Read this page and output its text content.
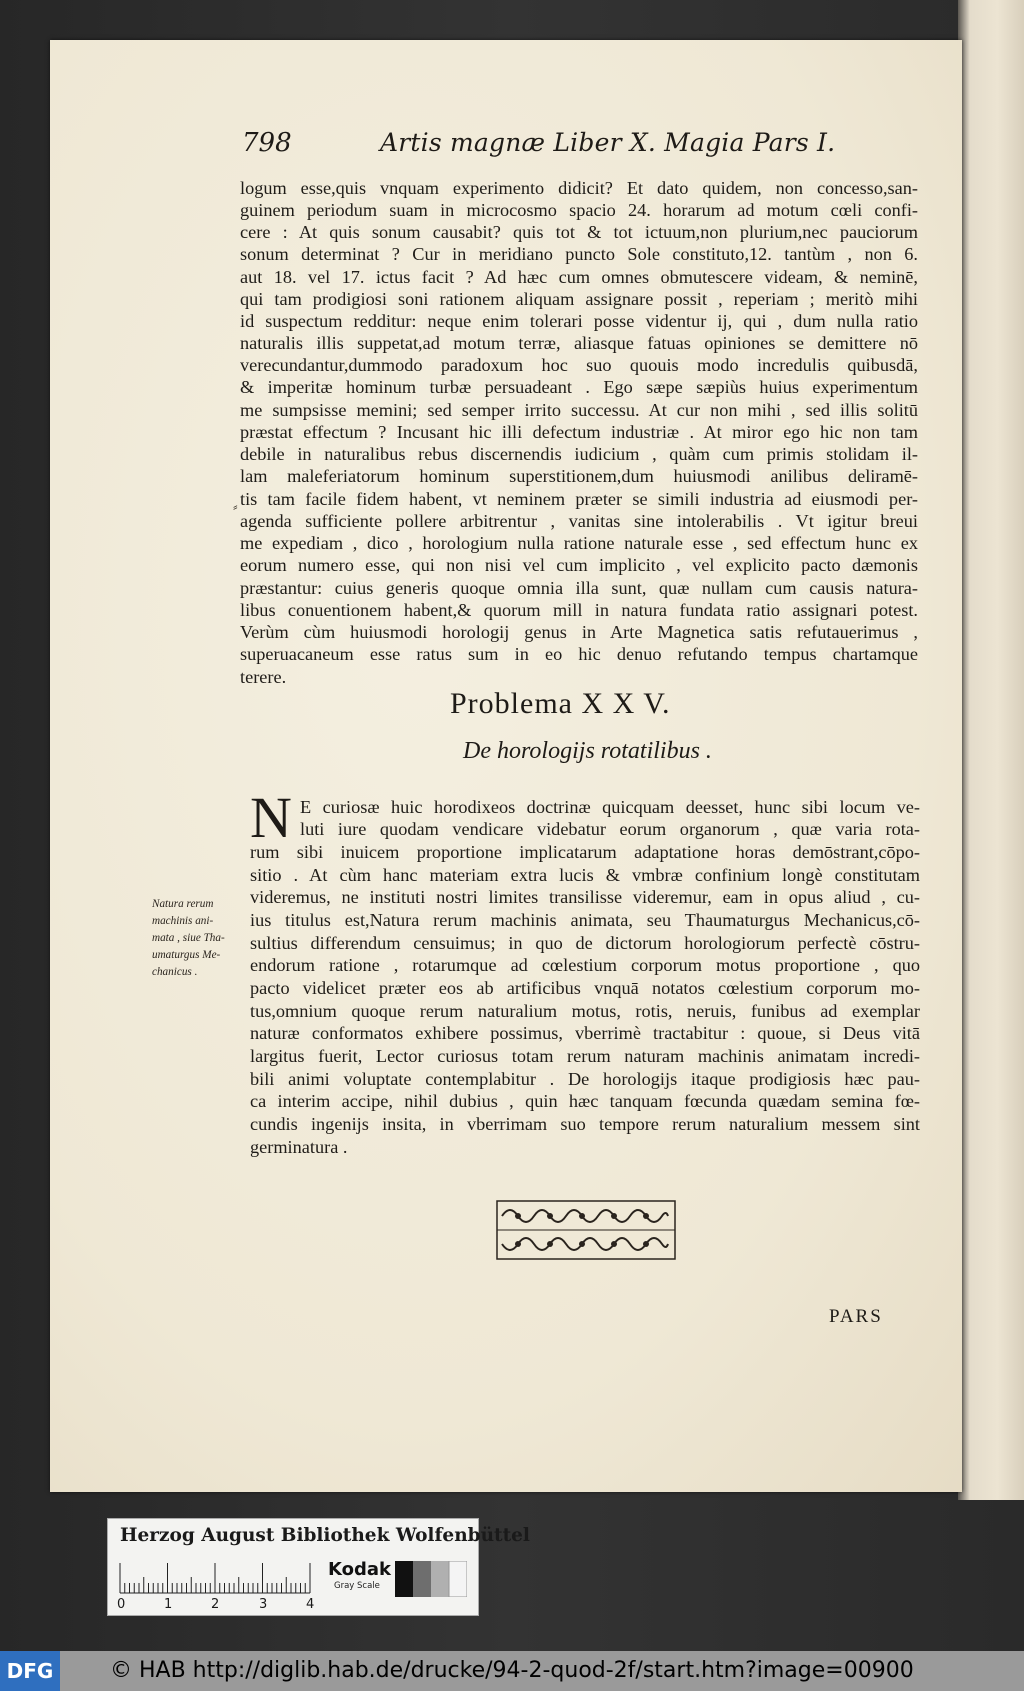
798	Artis magnæ Liber X. Magia Pars I.
logum esse,quis vnquam experimento didicit? Et dato quidem, non concesso,san-
guinem periodum suam in microcosmo spacio 24. horarum ad motum cœli confi-
cere : At quis sonum causabit? quis tot & tot ictuum,non plurium,nec pauciorum
sonum determinat ? Cur in meridiano puncto Sole constituto,12. tantùm , non 6.
aut 18. vel 17. ictus facit ? Ad hæc cum omnes obmutescere videam, & neminē,
qui tam prodigiosi soni rationem aliquam assignare possit , reperiam ; meritò mihi
id suspectum redditur: neque enim tolerari posse videntur ij, qui , dum nulla ratio
naturalis illis suppetat,ad motum terræ, aliasque fatuas opiniones se demittere nō
verecundantur,dummodo paradoxum hoc suo quouis modo incredulis quibusdā,
& imperitæ hominum turbæ persuadeant . Ego sæpe sæpiùs huius experimentum
me sumpsisse memini; sed semper irrito successu. At cur non mihi , sed illis solitū
præstat effectum ? Incusant hic illi defectum industriæ . At miror ego hic non tam
debile in naturalibus rebus discernendis iudicium , quàm cum primis stolidam il-
lam maleferiatorum hominum superstitionem,dum huiusmodi anilibus deliramē-
tis tam facile fidem habent, vt neminem præter se simili industria ad eiusmodi per-
agenda sufficiente pollere arbitrentur , vanitas sine intolerabilis . Vt igitur breui
me expediam , dico , horologium nulla ratione naturale esse , sed effectum hunc ex
eorum numero esse, qui non nisi vel cum implicito , vel explicito pacto dæmonis
præstantur: cuius generis quoque omnia illa sunt, quæ nullam cum causis natura-
libus conuentionem habent,& quorum mill in natura fundata ratio assignari potest.
Verùm cùm huiusmodi horologij genus in Arte Magnetica satis refutauerimus ,
superuacaneum esse ratus sum in eo hic denuo refutando tempus chartamque
terere.
⸗
Problema X X V.
De horologijs rotatilibus .
N E curiosæ huic horodixeos doctrinæ quicquam deesset, hunc sibi locum ve-
luti iure quodam vendicare videbatur eorum organorum , quæ varia rota-
rum sibi inuicem proportione implicatarum adaptatione horas demōstrant,cōpo-
sitio . At cùm hanc materiam extra lucis & vmbræ confinium longè constitutam
videremus, ne instituti nostri limites transilisse videremur, eam in opus aliud , cu-
ius titulus est,Natura rerum machinis animata, seu Thaumaturgus Mechanicus,cō-
sultius differendum censuimus; in quo de dictorum horologiorum perfectè cōstru-
endorum ratione , rotarumque ad cœlestium corporum motus proportione , quo
pacto videlicet præter eos ab artificibus vnquā notatos cœlestium corporum mo-
tus,omnium quoque rerum naturalium motus, rotis, neruis, funibus ad exemplar
naturæ conformatos exhibere possimus, vberrimè tractabitur : quoue, si Deus vitā
largitus fuerit, Lector curiosus totam rerum naturam machinis animatam incredi-
bili animi voluptate contemplabitur . De horologijs itaque prodigiosis hæc pau-
ca interim accipe, nihil dubius , quin hæc tanquam fœcunda quædam semina fœ-
cundis ingenijs insita, in vberrimam suo tempore rerum naturalium messem sint
germinatura .
Natura rerum
machinis ani-
mata , siue Tha-
umaturgus Me-
chanicus .
PARS
Herzog August Bibliothek Wolfenbüttel
0	1	2	3	4
Kodak
Gray Scale
DFG	© HAB http://diglib.hab.de/drucke/94-2-quod-2f/start.htm?image=00900
